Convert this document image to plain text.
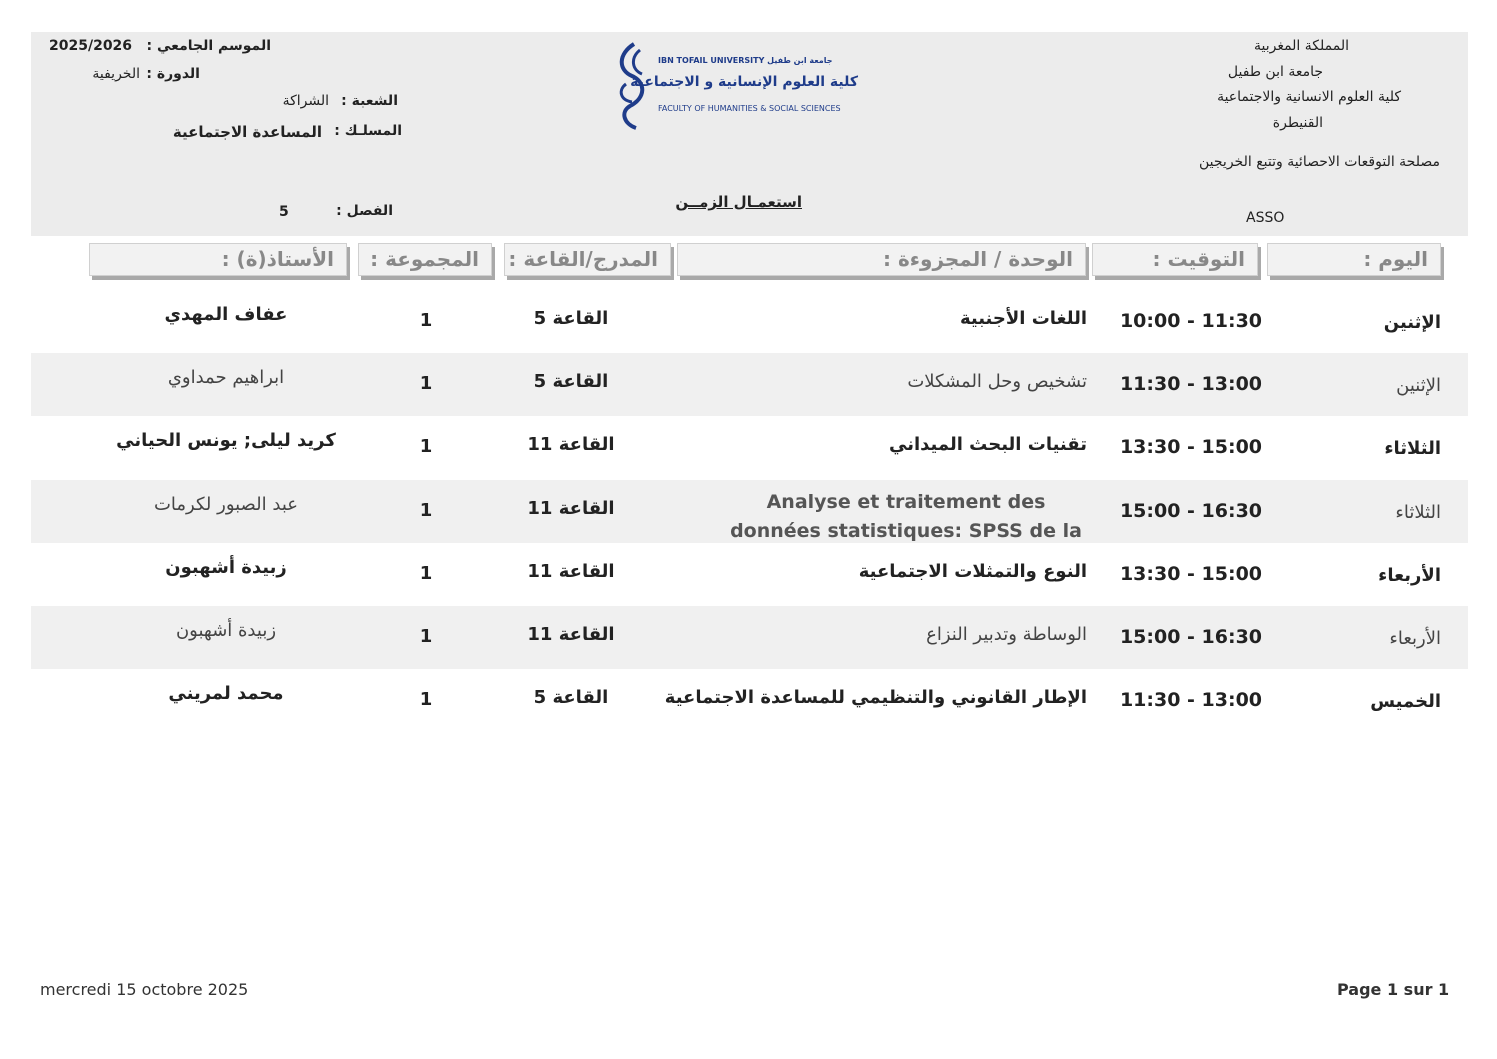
المملكة المغربية
جامعة ابن طفيل
كلية العلوم الانسانية والاجتماعية
القنيطرة
مصلحة التوقعات الاحصائية وتتبع الخريجين
ASSO
استعمـال الزمــن
الموسم الجامعي :
2025/2026
الدورة :
الخريفية
الشعبة :
الشراكة
المسلـك :
المساعدة الاجتماعية
الفصل :
5
IBN TOFAIL UNIVERSITY جامعة ابن طفيل
كلية العلوم الإنسانية و الاجتماعية
FACULTY OF HUMANITIES & SOCIAL SCIENCES
اليوم :
التوقيت :
الوحدة / المجزوءة :
المدرج/القاعة :
المجموعة :
الأستاذ(ة) :
الإثنين
10:00 - 11:30
اللغات الأجنبية
القاعة 5
1
عفاف المهدي
الإثنين
11:30 - 13:00
تشخيص وحل المشكلات
القاعة 5
1
ابراهيم حمداوي
الثلاثاء
13:30 - 15:00
تقنيات البحث الميداني
القاعة 11
1
كريد ليلى; يونس الحياني
الثلاثاء
15:00 - 16:30
Analyse et traitement des données statistiques: SPSS de la
القاعة 11
1
عبد الصبور لكرمات
الأربعاء
13:30 - 15:00
النوع والتمثلات الاجتماعية
القاعة 11
1
زبيدة أشهبون
الأربعاء
15:00 - 16:30
الوساطة وتدبير النزاع
القاعة 11
1
زبيدة أشهبون
الخميس
11:30 - 13:00
الإطار القانوني والتنظيمي للمساعدة الاجتماعية
القاعة 5
1
محمد لمريني
mercredi 15 octobre 2025	Page 1 sur 1
